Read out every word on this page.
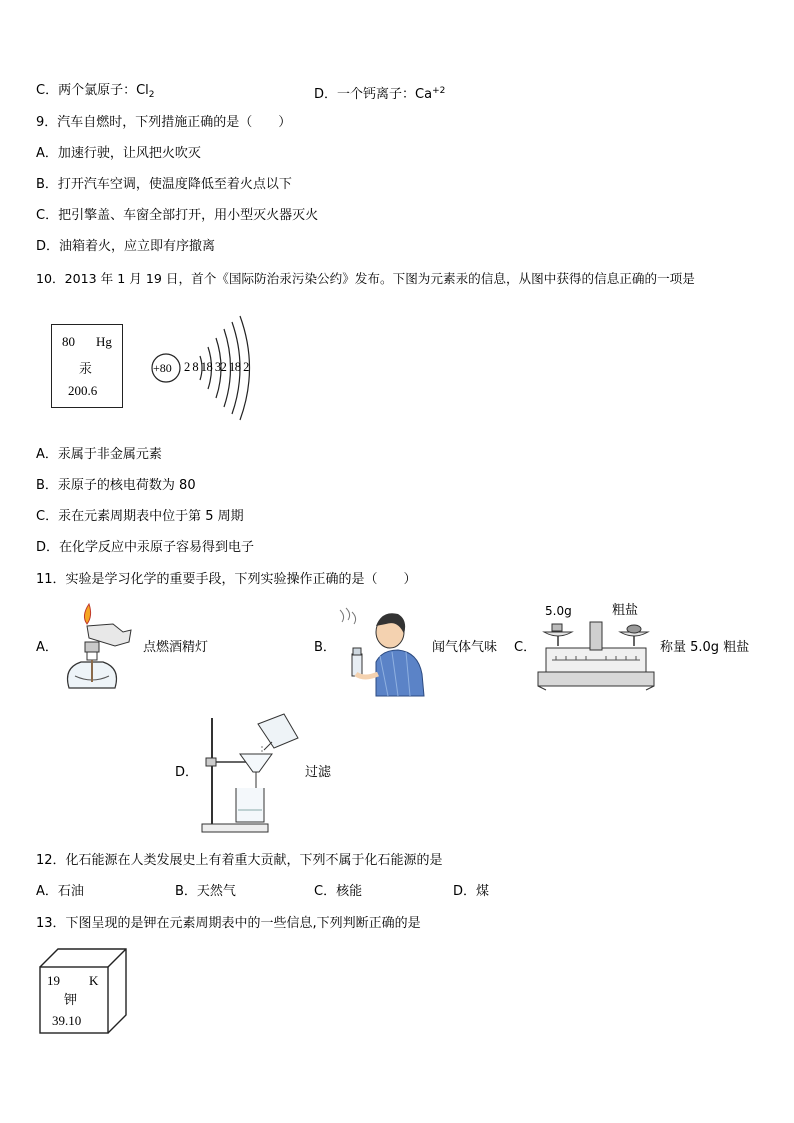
C．两个氯原子：$Cl_2$	D．一个钙离子：$Ca^{+2}$
9．汽车自燃时，下列措施正确的是（　　）
A．加速行驶，让风把火吹灭
B．打开汽车空调，使温度降低至着火点以下
C．把引擎盖、车窗全部打开，用小型灭火器灭火
D．油箱着火，应立即有序撤离
10．2013 年 1 月 19 日，首个《国际防治汞污染公约》发布。下图为元素汞的信息，从图中获得的信息正确的一项是
80 Hg
汞
200.6
+80 2 8 18 32 18 2
A．汞属于非金属元素
B．汞原子的核电荷数为 80
C．汞在元素周期表中位于第 5 周期
D．在化学反应中汞原子容易得到电子
11．实验是学习化学的重要手段，下列实验操作正确的是（　　）
A．	点燃酒精灯	B．	闻气体气味 C．
5.0g	粗盐
称量 5.0g 粗盐
D．	过滤
12．化石能源在人类发展史上有着重大贡献，下列不属于化石能源的是
A．石油	B．天然气	C．核能	D．煤
13．下图呈现的是钾在元素周期表中的一些信息,下列判断正确的是
19 K
钾
39.10
